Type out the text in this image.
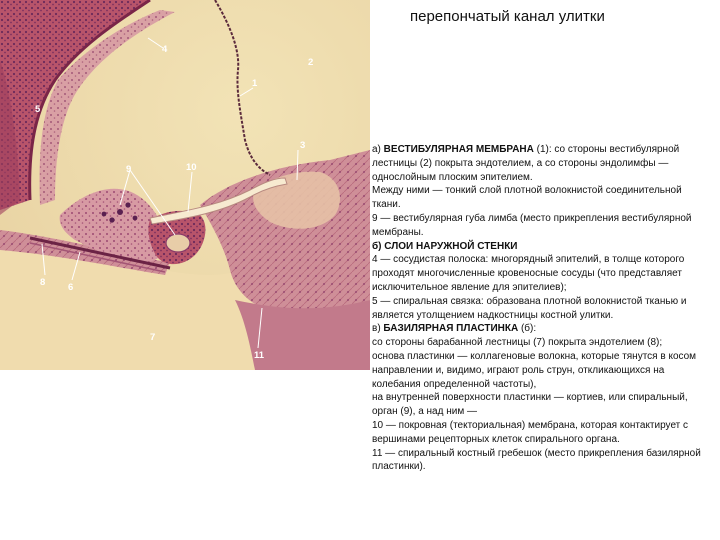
перепончатый канал улитки
4
1
2
3
5
9	10
8 6
7
11

a) ВЕСТИБУЛЯРНАЯ МЕМБРАНА (1): со стороны вестибулярной лестницы (2) покрыта эндотелием, а со стороны эндолимфы — однослойным плоским эпителием.

Между ними — тонкий слой плотной волокнистой соединительной ткани.

9 — вестибулярная губа лимба (место прикрепления вестибулярной мембраны.

б) СЛОИ НАРУЖНОЙ СТЕНКИ

4 — сосудистая полоска: многорядный эпителий, в толще которого проходят многочисленные кровеносные сосуды (что представляет исключительное явление для эпителиев);

5 — спиральная связка: образована плотной волокнистой тканью и является утолщением надкостницы костной улитки.

в) БАЗИЛЯРНАЯ ПЛАСТИНКА (б):

со стороны барабанной лестницы (7) покрыта эндотелием (8);

основа пластинки — коллагеновые волокна, которые тянутся в косом направлении и, видимо, играют роль струн, откликающихся на колебания определенной частоты),

на внутренней поверхности пластинки — кортиев, или спиральный, орган (9), а над ним —

10 — покровная (текториальная) мембрана, которая контактирует с вершинами рецепторных клеток спирального органа.

11 — спиральный костный гребешок (место прикрепления базилярной пластинки).
